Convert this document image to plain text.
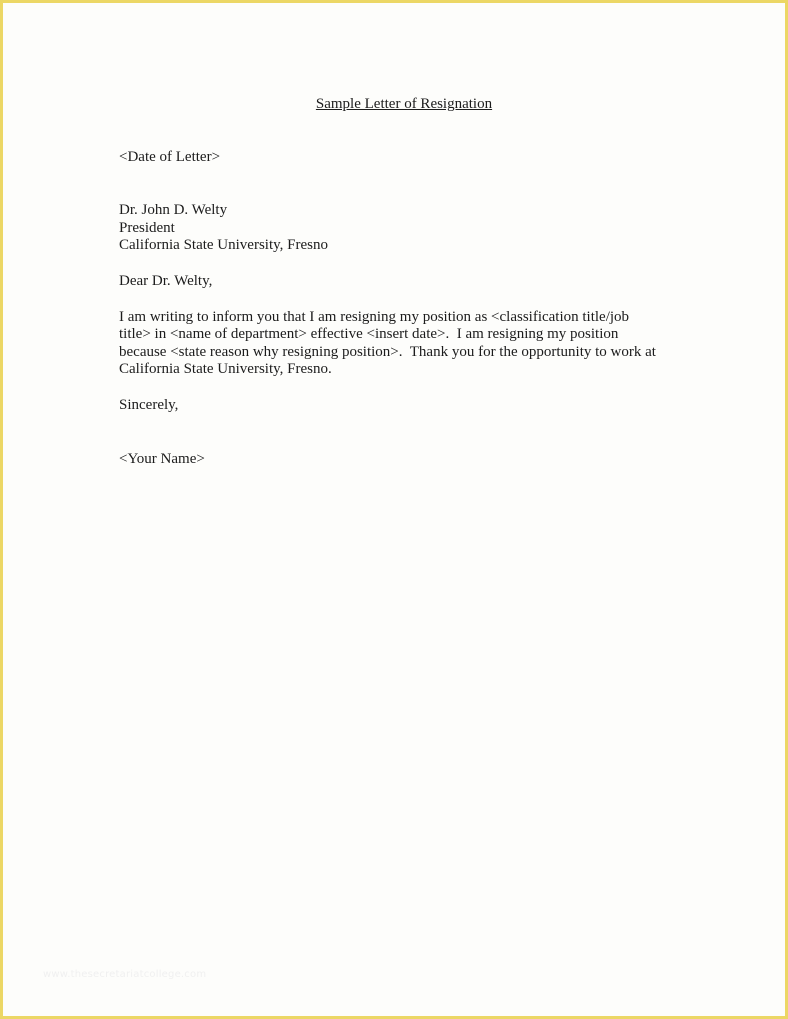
Sample Letter of Resignation
<Date of Letter>
Dr. John D. Welty
President
California State University, Fresno
Dear Dr. Welty,
I am writing to inform you that I am resigning my position as <classification title/job
title> in <name of department> effective <insert date>.  I am resigning my position
because <state reason why resigning position>.  Thank you for the opportunity to work at
California State University, Fresno.
Sincerely,
<Your Name>
www.thesecretariatcollege.com
